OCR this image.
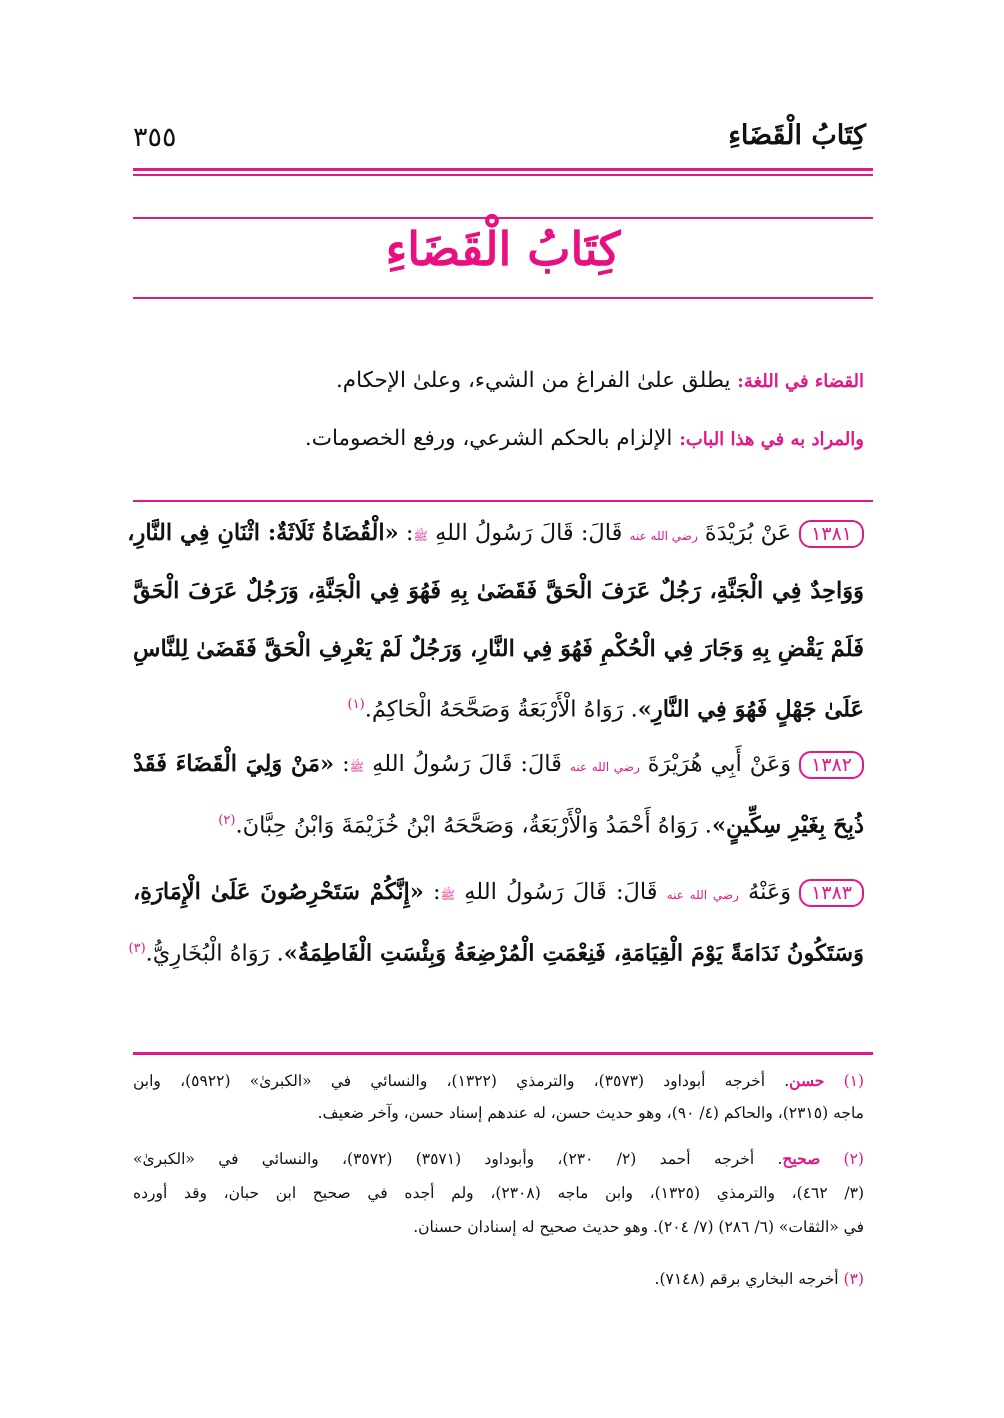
كِتَابُ الْقَضَاءِ
٣٥٥
كِتَابُ الْقَضَاءِ
القضاء في اللغة: يطلق علىٰ الفراغ من الشيء، وعلىٰ الإحكام.
والمراد به في هذا الباب: الإلزام بالحكم الشرعي، ورفع الخصومات.
١٣٨١عَنْ بُرَيْدَةَ رضي الله عنه قَالَ: قَالَ رَسُولُ اللهِ ﷺ: «الْقُضَاةُ ثَلَاثَةٌ: اثْنَانِ فِي النَّارِ،
وَوَاحِدٌ فِي الْجَنَّةِ، رَجُلٌ عَرَفَ الْحَقَّ فَقَضَىٰ بِهِ فَهُوَ فِي الْجَنَّةِ، وَرَجُلٌ عَرَفَ الْحَقَّ
فَلَمْ يَقْضِ بِهِ وَجَارَ فِي الْحُكْمِ فَهُوَ فِي النَّارِ، وَرَجُلٌ لَمْ يَعْرِفِ الْحَقَّ فَقَضَىٰ لِلنَّاسِ
عَلَىٰ جَهْلٍ فَهُوَ فِي النَّارِ». رَوَاهُ الْأَرْبَعَةُ وَصَحَّحَهُ الْحَاكِمُ.$^{(١)}$
١٣٨٢وَعَنْ أَبِي هُرَيْرَةَ رضي الله عنه قَالَ: قَالَ رَسُولُ اللهِ ﷺ: «مَنْ وَلِيَ الْقَضَاءَ فَقَدْ
ذُبِحَ بِغَيْرِ سِكِّينٍ». رَوَاهُ أَحْمَدُ وَالْأَرْبَعَةُ، وَصَحَّحَهُ ابْنُ خُزَيْمَةَ وَابْنُ حِبَّانَ.$^{(٢)}$
١٣٨٣وَعَنْهُ رضي الله عنه قَالَ: قَالَ رَسُولُ اللهِ ﷺ: «إِنَّكُمْ سَتَحْرِصُونَ عَلَىٰ الْإِمَارَةِ،
وَسَتَكُونُ نَدَامَةً يَوْمَ الْقِيَامَةِ، فَنِعْمَتِ الْمُرْضِعَةُ وَبِئْسَتِ الْفَاطِمَةُ». رَوَاهُ الْبُخَارِيُّ.$^{(٣)}$
(١) حسن. أخرجه أبوداود (٣٥٧٣)، والترمذي (١٣٢٢)، والنسائي في «الكبرىٰ» (٥٩٢٢)، وابن
ماجه (٢٣١٥)، والحاكم (٤/ ٩٠)، وهو حديث حسن، له عندهم إسناد حسن، وآخر ضعيف.
(٢) صحيح. أخرجه أحمد (٢/ ٢٣٠)، وأبوداود (٣٥٧١) (٣٥٧٢)، والنسائي في «الكبرىٰ»
(٣/ ٤٦٢)، والترمذي (١٣٢٥)، وابن ماجه (٢٣٠٨)، ولم أجده في صحيح ابن حبان، وقد أورده
في «الثقات» (٦/ ٢٨٦) (٧/ ٢٠٤). وهو حديث صحيح له إسنادان حسنان.
(٣) أخرجه البخاري برقم (٧١٤٨).
